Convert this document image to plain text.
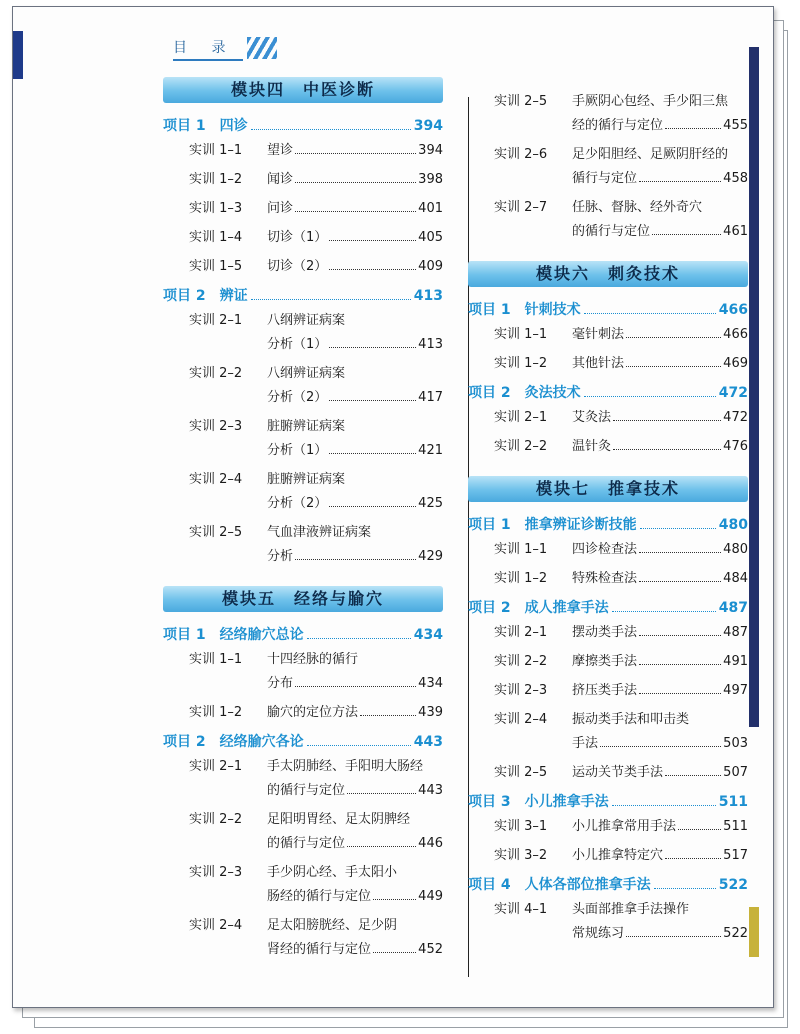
目 录
模块四　中医诊断
项目 1 四诊	394
实训 1–1	望诊	394
实训 1–2	闻诊	398
实训 1–3	问诊	401
实训 1–4	切诊（1）	405
实训 1–5	切诊（2）	409
项目 2 辨证	413
实训 2–1	八纲辨证病案
分析（1）	413
实训 2–2	八纲辨证病案
分析（2）	417
实训 2–3	脏腑辨证病案
分析（1）	421
实训 2–4	脏腑辨证病案
分析（2）	425
实训 2–5	气血津液辨证病案
分析	429
模块五　经络与腧穴
项目 1 经络腧穴总论	434
实训 1–1	十四经脉的循行
分布	434
实训 1–2	腧穴的定位方法	439
项目 2 经络腧穴各论	443
实训 2–1	手太阴肺经、手阳明大肠经
的循行与定位	443
实训 2–2	足阳明胃经、足太阴脾经
的循行与定位	446
实训 2–3	手少阴心经、手太阳小
肠经的循行与定位	449
实训 2–4	足太阳膀胱经、足少阴
肾经的循行与定位	452
实训 2–5	手厥阴心包经、手少阳三焦
经的循行与定位	455
实训 2–6	足少阳胆经、足厥阴肝经的
循行与定位	458
实训 2–7	任脉、督脉、经外奇穴
的循行与定位	461
模块六　刺灸技术
项目 1 针刺技术	466
实训 1–1	毫针刺法	466
实训 1–2	其他针法	469
项目 2 灸法技术	472
实训 2–1	艾灸法	472
实训 2–2	温针灸	476
模块七　推拿技术
项目 1 推拿辨证诊断技能	480
实训 1–1	四诊检查法	480
实训 1–2	特殊检查法	484
项目 2 成人推拿手法	487
实训 2–1	摆动类手法	487
实训 2–2	摩擦类手法	491
实训 2–3	挤压类手法	497
实训 2–4	振动类手法和叩击类
手法	503
实训 2–5	运动关节类手法	507
项目 3 小儿推拿手法	511
实训 3–1	小儿推拿常用手法	511
实训 3–2	小儿推拿特定穴	517
项目 4 人体各部位推拿手法	522
实训 4–1	头面部推拿手法操作
常规练习	522
